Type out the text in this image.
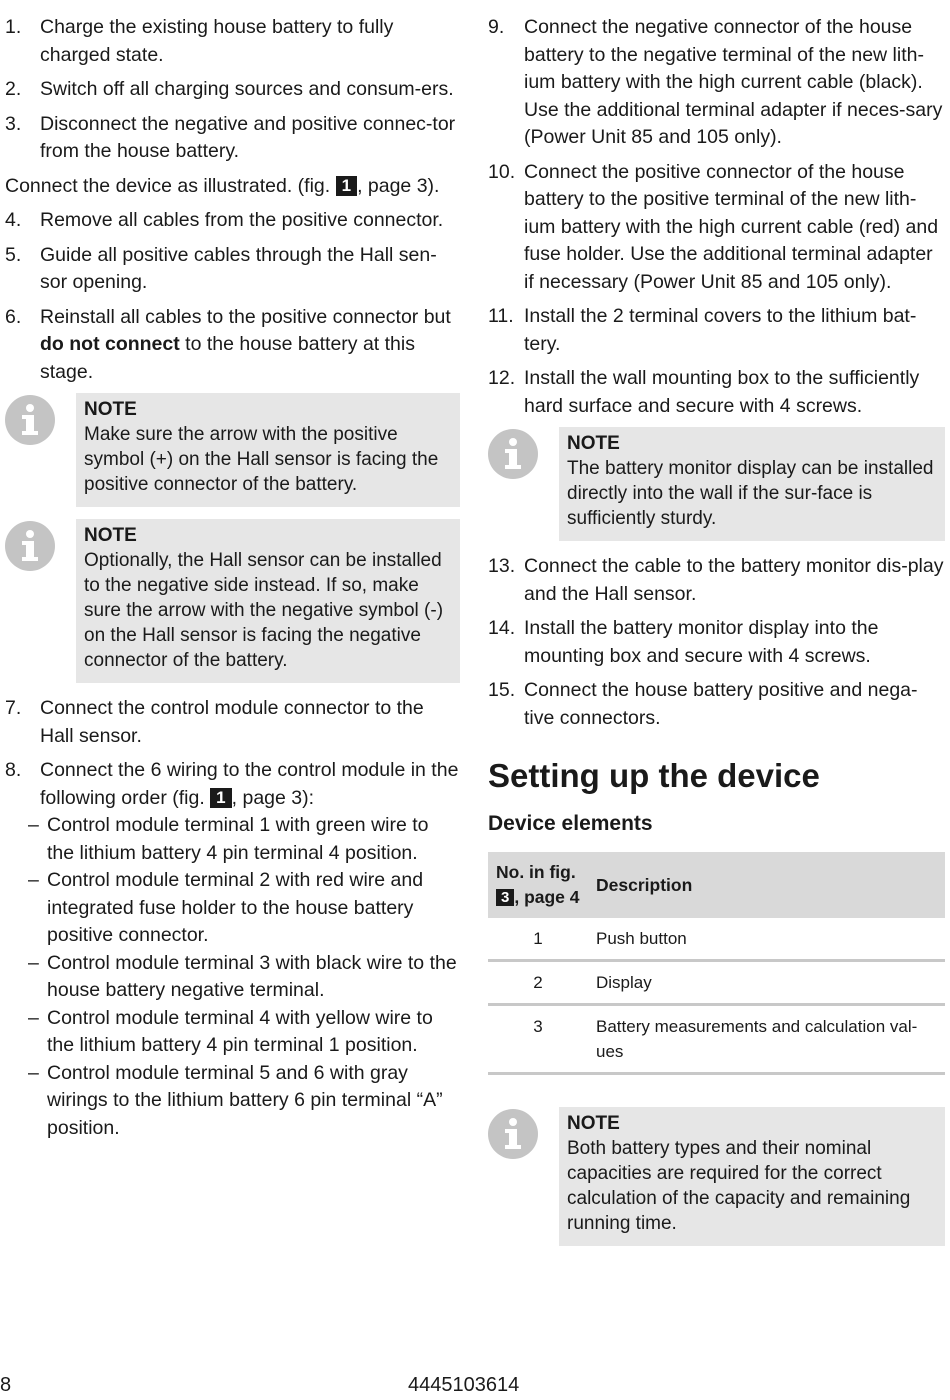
1. Charge the existing house battery to fully charged state.
2. Switch off all charging sources and consum-ers.
3. Disconnect the negative and positive connec-tor from the house battery.

Connect the device as illustrated. (fig. 1 , page 3).

4. Remove all cables from the positive connector.
5. Guide all positive cables through the Hall sen-sor opening.
6. Reinstall all cables to the positive connector but do not connect to the house battery at this stage.
NOTE
Make sure the arrow with the positive symbol (+) on the Hall sensor is facing the positive connector of the battery.
NOTE
Optionally, the Hall sensor can be installed to the negative side instead. If so, make sure the arrow with the negative symbol (-) on the Hall sensor is facing the negative connector of the battery.
7. Connect the control module connector to the Hall sensor.
8. Connect the 6 wiring to the control module in the following order (fig. 1 , page 3):
– Control module terminal 1 with green wire to the lithium battery 4 pin terminal 4 position.
– Control module terminal 2 with red wire and integrated fuse holder to the house battery positive connector.
– Control module terminal 3 with black wire to the house battery negative terminal.
– Control module terminal 4 with yellow wire to the lithium battery 4 pin terminal 1 position.
– Control module terminal 5 and 6 with gray wirings to the lithium battery 6 pin terminal “A” position.
9. Connect the negative connector of the house battery to the negative terminal of the new lith-ium battery with the high current cable (black). Use the additional terminal adapter if neces-sary (Power Unit 85 and 105 only).
10. Connect the positive connector of the house battery to the positive terminal of the new lith-ium battery with the high current cable (red) and fuse holder. Use the additional terminal adapter if necessary (Power Unit 85 and 105 only).
11. Install the 2 terminal covers to the lithium bat-tery.
12. Install the wall mounting box to the sufficiently hard surface and secure with 4 screws.
NOTE
The battery monitor display can be installed directly into the wall if the sur-face is sufficiently sturdy.
13. Connect the cable to the battery monitor dis-play and the Hall sensor.
14. Install the battery monitor display into the mounting box and secure with 4 screws.
15. Connect the house battery positive and nega-tive connectors.
Setting up the device
Device elements
No. in fig. 3 , page 4	Description
1	Push button
2	Display
3	Battery measurements and calculation val-ues
NOTE
Both battery types and their nominal capacities are required for the correct calculation of the capacity and remaining running time.
8	4445103614
